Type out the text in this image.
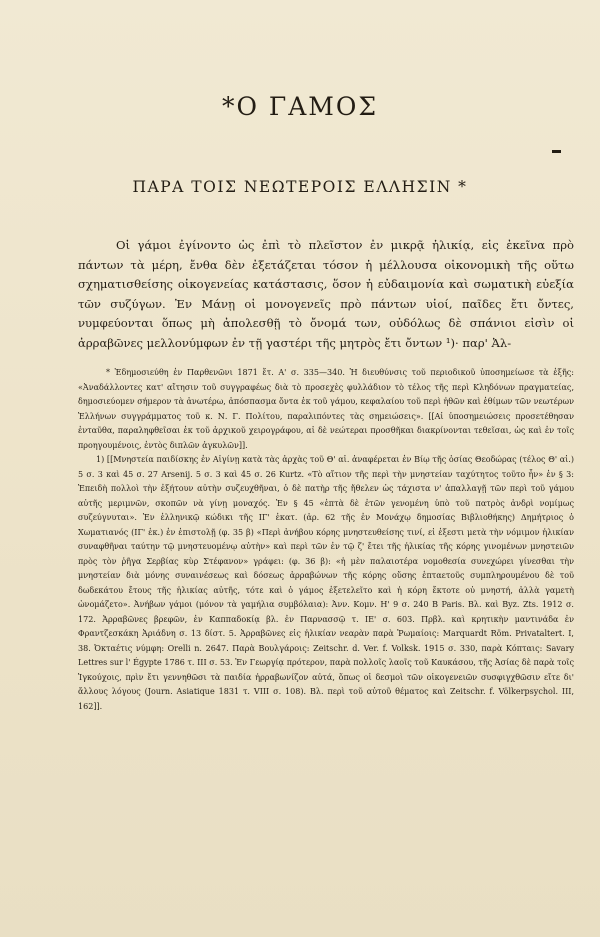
*Ο ΓΑΜΟΣ
ΠΑΡΑ ΤΟΙΣ ΝΕΩΤΕΡΟΙΣ ΕΛΛΗΣΙΝ *
Οἱ γάμοι ἐγίνοντο ὡς ἐπὶ τὸ πλεῖστον ἐν μικρᾷ ἡλικίᾳ, εἰς ἐκεῖνα πρὸ πάντων τὰ μέρη, ἔνθα δὲν ἐξετάζεται τόσον ἡ μέλλουσα οἰκονομικὴ τῆς οὕτω σχηματισθείσης οἰκογενείας κατάστασις, ὅσον ἡ εὐδαιμονία καὶ σωματικὴ εὐεξία τῶν συζύγων. Ἐν Μάνῃ οἱ μονογενεῖς πρὸ πάντων υἱοί, παῖδες ἔτι ὄντες, νυμφεύονται ὅπως μὴ ἀπολεσθῇ τὸ ὄνομά των, οὐδόλως δὲ σπάνιοι εἰσὶν οἱ ἀρραβῶνες μελλονύμφων ἐν τῇ γαστέρι τῆς μητρὸς ἔτι ὄντων ¹)· παρ' Ἀλ-

* Ἐδημοσιεύθη ἐν Παρθενῶνι 1871 ἔτ. Α' σ. 335—340. Ἡ διευθύνσις τοῦ περιοδικοῦ ὑποσημείωσε τὰ ἑξῆς: «Ἀναδάλλοντες κατ' αἴτησιν τοῦ συγγραφέως διὰ τὸ προσεχὲς φυλλάδιον τὸ τέλος τῆς περὶ Κληδόνων πραγματείας, δημοσιεύομεν σήμερον τὰ ἀνωτέρω, ἀπόσπασμα ὄντα ἐκ τοῦ γάμου, κεφαλαίου τοῦ περὶ ἠθῶν καὶ ἐθίμων τῶν νεωτέρων Ἑλλήνων συγγράμματος τοῦ κ. Ν. Γ. Πολίτου, παραλιπόντες τὰς σημειώσεις». [[Αἱ ὑποσημειώσεις προσετέθησαν ἐνταῦθα, παραληφθεῖσαι ἐκ τοῦ ἀρχικοῦ χειρογράφου, αἱ δὲ νεώτεραι προσθῆκαι διακρίνονται τεθεῖσαι, ὡς καὶ ἐν τοῖς προηγουμένοις, ἐντὸς διπλῶν ἀγκυλῶν]].

1) [[Μνηστεία παιδίσκης ἐν Αἰγίνῃ κατὰ τὰς ἀρχὰς τοῦ Θ' αἰ. ἀναφέρεται ἐν Βίῳ τῆς ὁσίας Θεοδώρας (τέλος Θ' αἰ.) 5 σ. 3 καὶ 45 σ. 27 Arsenij. 5 σ. 3 καὶ 45 σ. 26 Kurtz. «Τὸ αἴτιον τῆς περὶ τὴν μνηστείαν ταχύτητος τοῦτο ἦν» ἐν § 3: Ἐπειδὴ πολλοὶ τὴν ἐξήτουν αὐτὴν συζευχθῆναι, ὁ δὲ πατὴρ τῆς ἤθελεν ὡς τάχιστα ν' ἀπαλλαγῇ τῶν περὶ τοῦ γάμου αὐτῆς μεριμνῶν, σκοπῶν νὰ γίνῃ μοναχός. Ἐν § 45 «ἑπτὰ δὲ ἐτῶν γενομένη ὑπὸ τοῦ πατρὸς ἀνδρὶ νομίμως συζεύγνυται». Ἐν ἑλληνικῷ κώδικι τῆς ΙΓ' ἑκατ. (ἀρ. 62 τῆς ἐν Μονάχῳ δημοσίας Βιβλιοθήκης) Δημήτριος ὁ Χωματιανός (ΙΓ' ἑκ.) ἐν ἐπιστολῇ (φ. 35 β) «Περὶ ἀνήβου κόρης μνηστευθείσης τινί, εἰ ἐξεστι μετὰ τὴν νόμιμον ἡλικίαν συναφθῆναι ταύτην τῷ μνηστευομένῳ αὐτὴν» καὶ περὶ τῶν ἐν τῷ ζ' ἔτει τῆς ἡλικίας τῆς κόρης γινομένων μνηστειῶν πρὸς τὸν ῥῆγα Σερβίας κὺρ Στέφανον» γράφει: (φ. 36 β): «ἡ μὲν παλαιοτέρα νομοθεσία συνεχώρει γίνεσθαι τὴν μνηστείαν διὰ μόνης συναινέσεως καὶ δόσεως ἀρραβώνων τῆς κόρης οὔσης ἑπταετοῦς συμπληρουμένου δὲ τοῦ δωδεκάτου ἔτους τῆς ἡλικίας αὐτῆς, τότε καὶ ὁ γάμος ἐξετελεῖτο καὶ ἡ κόρη ἔκτοτε οὐ μνηστή, ἀλλὰ γαμετὴ ὠνομάζετο». Ἀνήβων γάμοι (μόνον τὰ γαμήλια συμβόλαια): Ἀνν. Κομν. Η' 9 σ. 240 B Paris. Βλ. καὶ Byz. Zts. 1912 σ. 172. Ἀρραβῶνες βρεφῶν, ἐν Καππαδοκίᾳ βλ. ἐν Παρνασσῷ τ. ΙΕ' σ. 603. Πρβλ. καὶ κρητικὴν μαντινάδα ἐν Φραντζεσκάκη Ἀριάδνη σ. 13 δίστ. 5. Ἀρραβῶνες εἰς ἡλικίαν νεαρὰν παρὰ Ῥωμαίοις: Marquardt Röm. Privataltert. I, 38. Ὀκταέτις νύμφη: Orelli n. 2647. Παρὰ Βουλγάροις: Zeitschr. d. Ver. f. Volksk. 1915 σ. 330, παρὰ Κόπταις: Savary Lettres sur l' Égypte 1786 τ. III σ. 53. Ἐν Γεωργίᾳ πρότερον, παρὰ πολλοῖς λαοῖς τοῦ Καυκάσου, τῆς Ἀσίας δὲ παρὰ τοῖς Ἰγκούχοις, πρὶν ἔτι γεννηθῶσι τὰ παιδία ἠρραβωνίζον αὐτά, ὅπως οἱ δεσμοὶ τῶν οἰκογενειῶν συσφιγχθῶσιν εἴτε δι' ἄλλους λόγους (Journ. Asiatique 1831 τ. VIII σ. 108). Βλ. περὶ τοῦ αὐτοῦ θέματος καὶ Zeitschr. f. Völkerpsychol. III, 162]].
